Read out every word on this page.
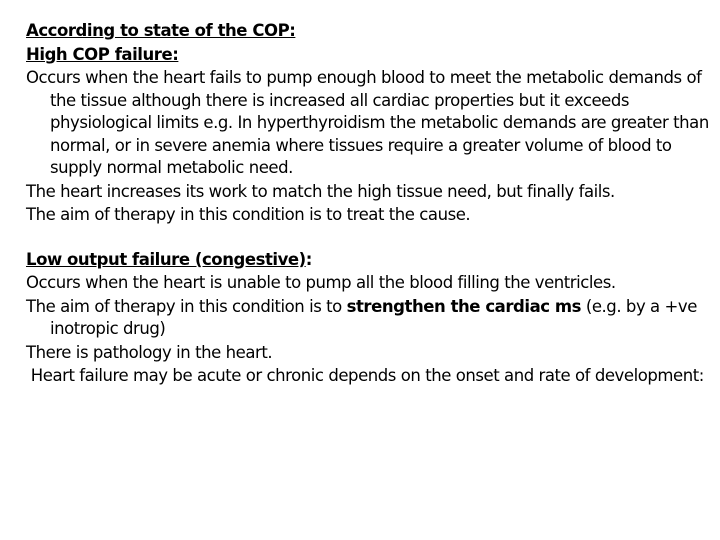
According to state of the COP:
High COP failure:
Occurs when the heart fails to pump enough blood to meet the metabolic demands of the tissue although there is increased all cardiac properties but it exceeds physiological limits e.g. In hyperthyroidism the metabolic demands are greater than normal, or in severe anemia where tissues require a greater volume of blood to supply normal metabolic need.
The heart increases its work to match the high tissue need, but finally fails.
The aim of therapy in this condition is to treat the cause.
Low output failure (congestive):
Occurs when the heart is unable to pump all the blood filling the ventricles.
The aim of therapy in this condition is to strengthen the cardiac ms (e.g. by a +ve inotropic drug)
There is pathology in the heart.
Heart failure may be acute or chronic depends on the onset and rate of development:
